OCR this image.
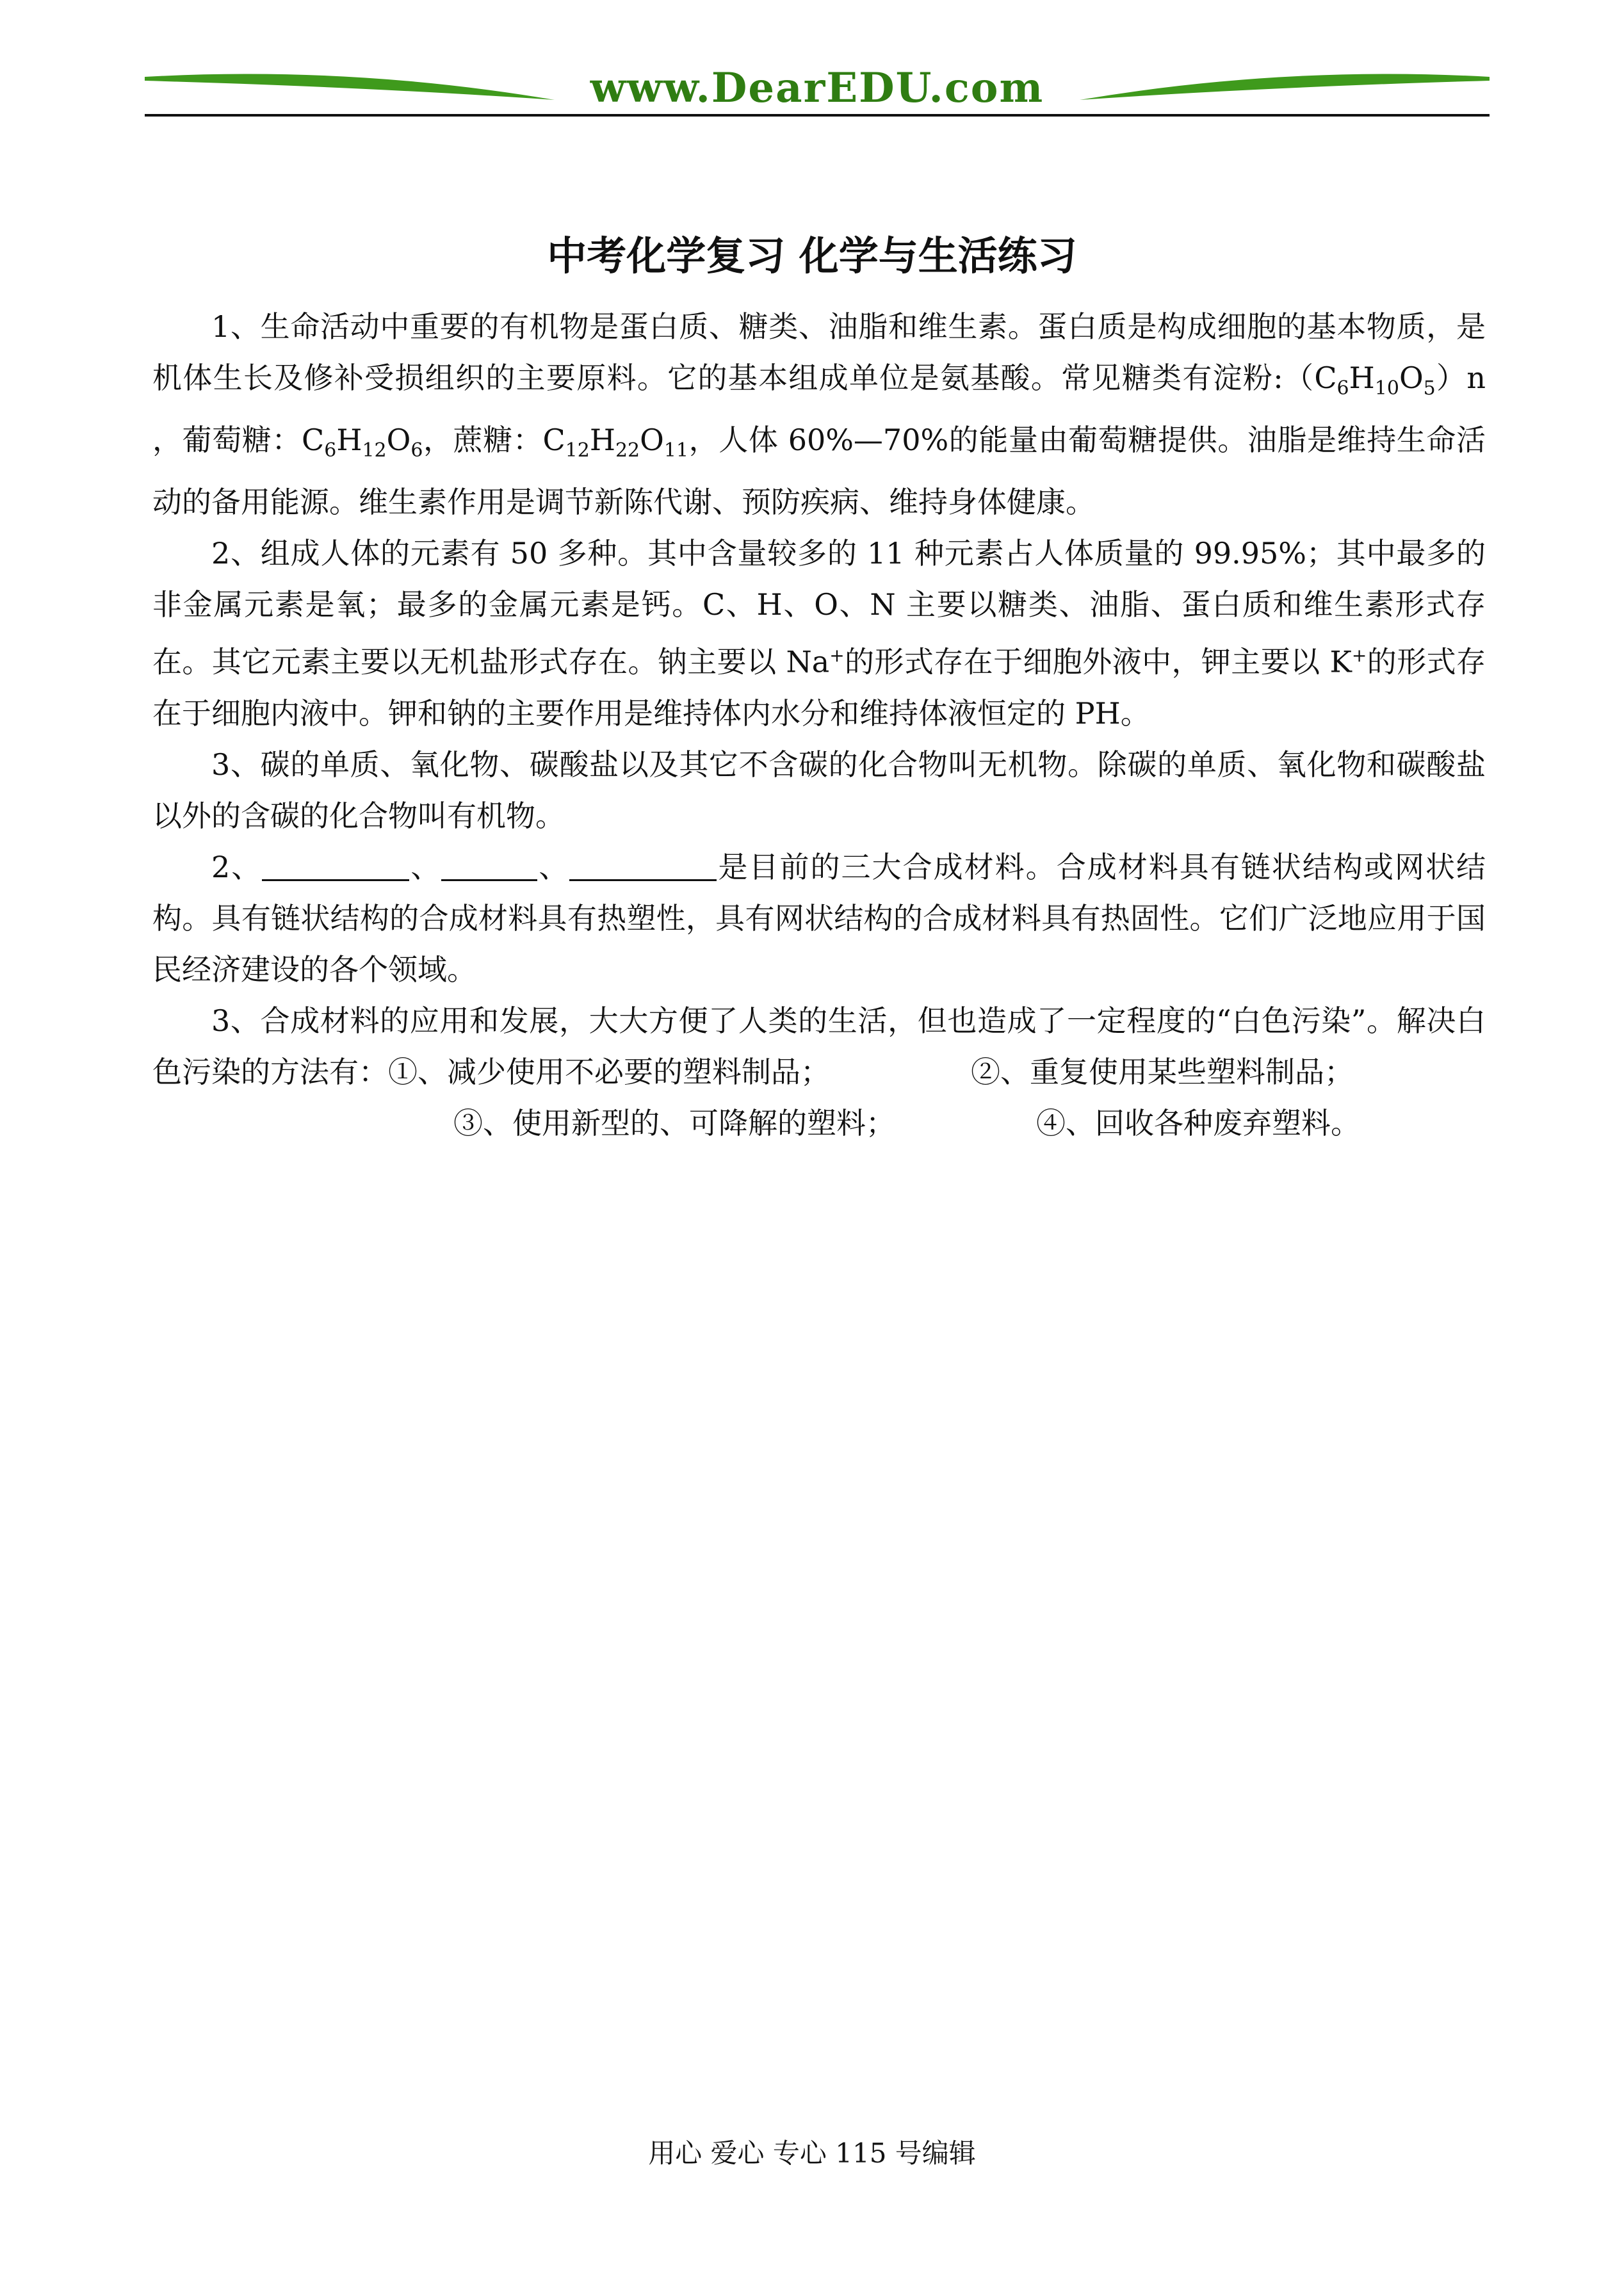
www.DearEDU.com
中考化学复习 化学与生活练习

1、生命活动中重要的有机物是蛋白质、糖类、油脂和维生素。蛋白质是构成细胞的基本物质，是机体生长及修补受损组织的主要原料。它的基本组成单位是氨基酸。常见糖类有淀粉$:(C_6H_{10}O_5)n$ ，葡萄糖：$C_6H_{12}O_6$，蔗糖：$C_{12}H_{22}O_{11}$，人体 60%—70%的能量由葡萄糖提供。油脂是维持生命活动的备用能源。维生素作用是调节新陈代谢、预防疾病、维持身体健康。

2、组成人体的元素有 50 多种。其中含量较多的 11 种元素占人体质量的 99.95%；其中最多的非金属元素是氧；最多的金属元素是钙。C、H、O、N 主要以糖类、油脂、蛋白质和维生素形式存在。其它元素主要以无机盐形式存在。钠主要以 Na+的形式存在于细胞外液中，钾主要以 K+的形式存在于细胞内液中。钾和钠的主要作用是维持体内水分和维持体液恒定的 PH。

3、碳的单质、氧化物、碳酸盐以及其它不含碳的化合物叫无机物。除碳的单质、氧化物和碳酸盐以外的含碳的化合物叫有机物。

2、	、	、	是目前的三大合成材料。合成材料具有链状结构或网状结构。具有链状结构的合成材料具有热塑性，具有网状结构的合成材料具有热固性。它们广泛地应用于国民经济建设的各个领域。

3、合成材料的应用和发展，大大方便了人类的生活，但也造成了一定程度的“白色污染”。解决白色污染的方法有：①、减少使用不必要的塑料制品；	②、重复使用某些塑料制品；
③、使用新型的、可降解的塑料；	④、回收各种废弃塑料。

用心 爱心 专心 115 号编辑
